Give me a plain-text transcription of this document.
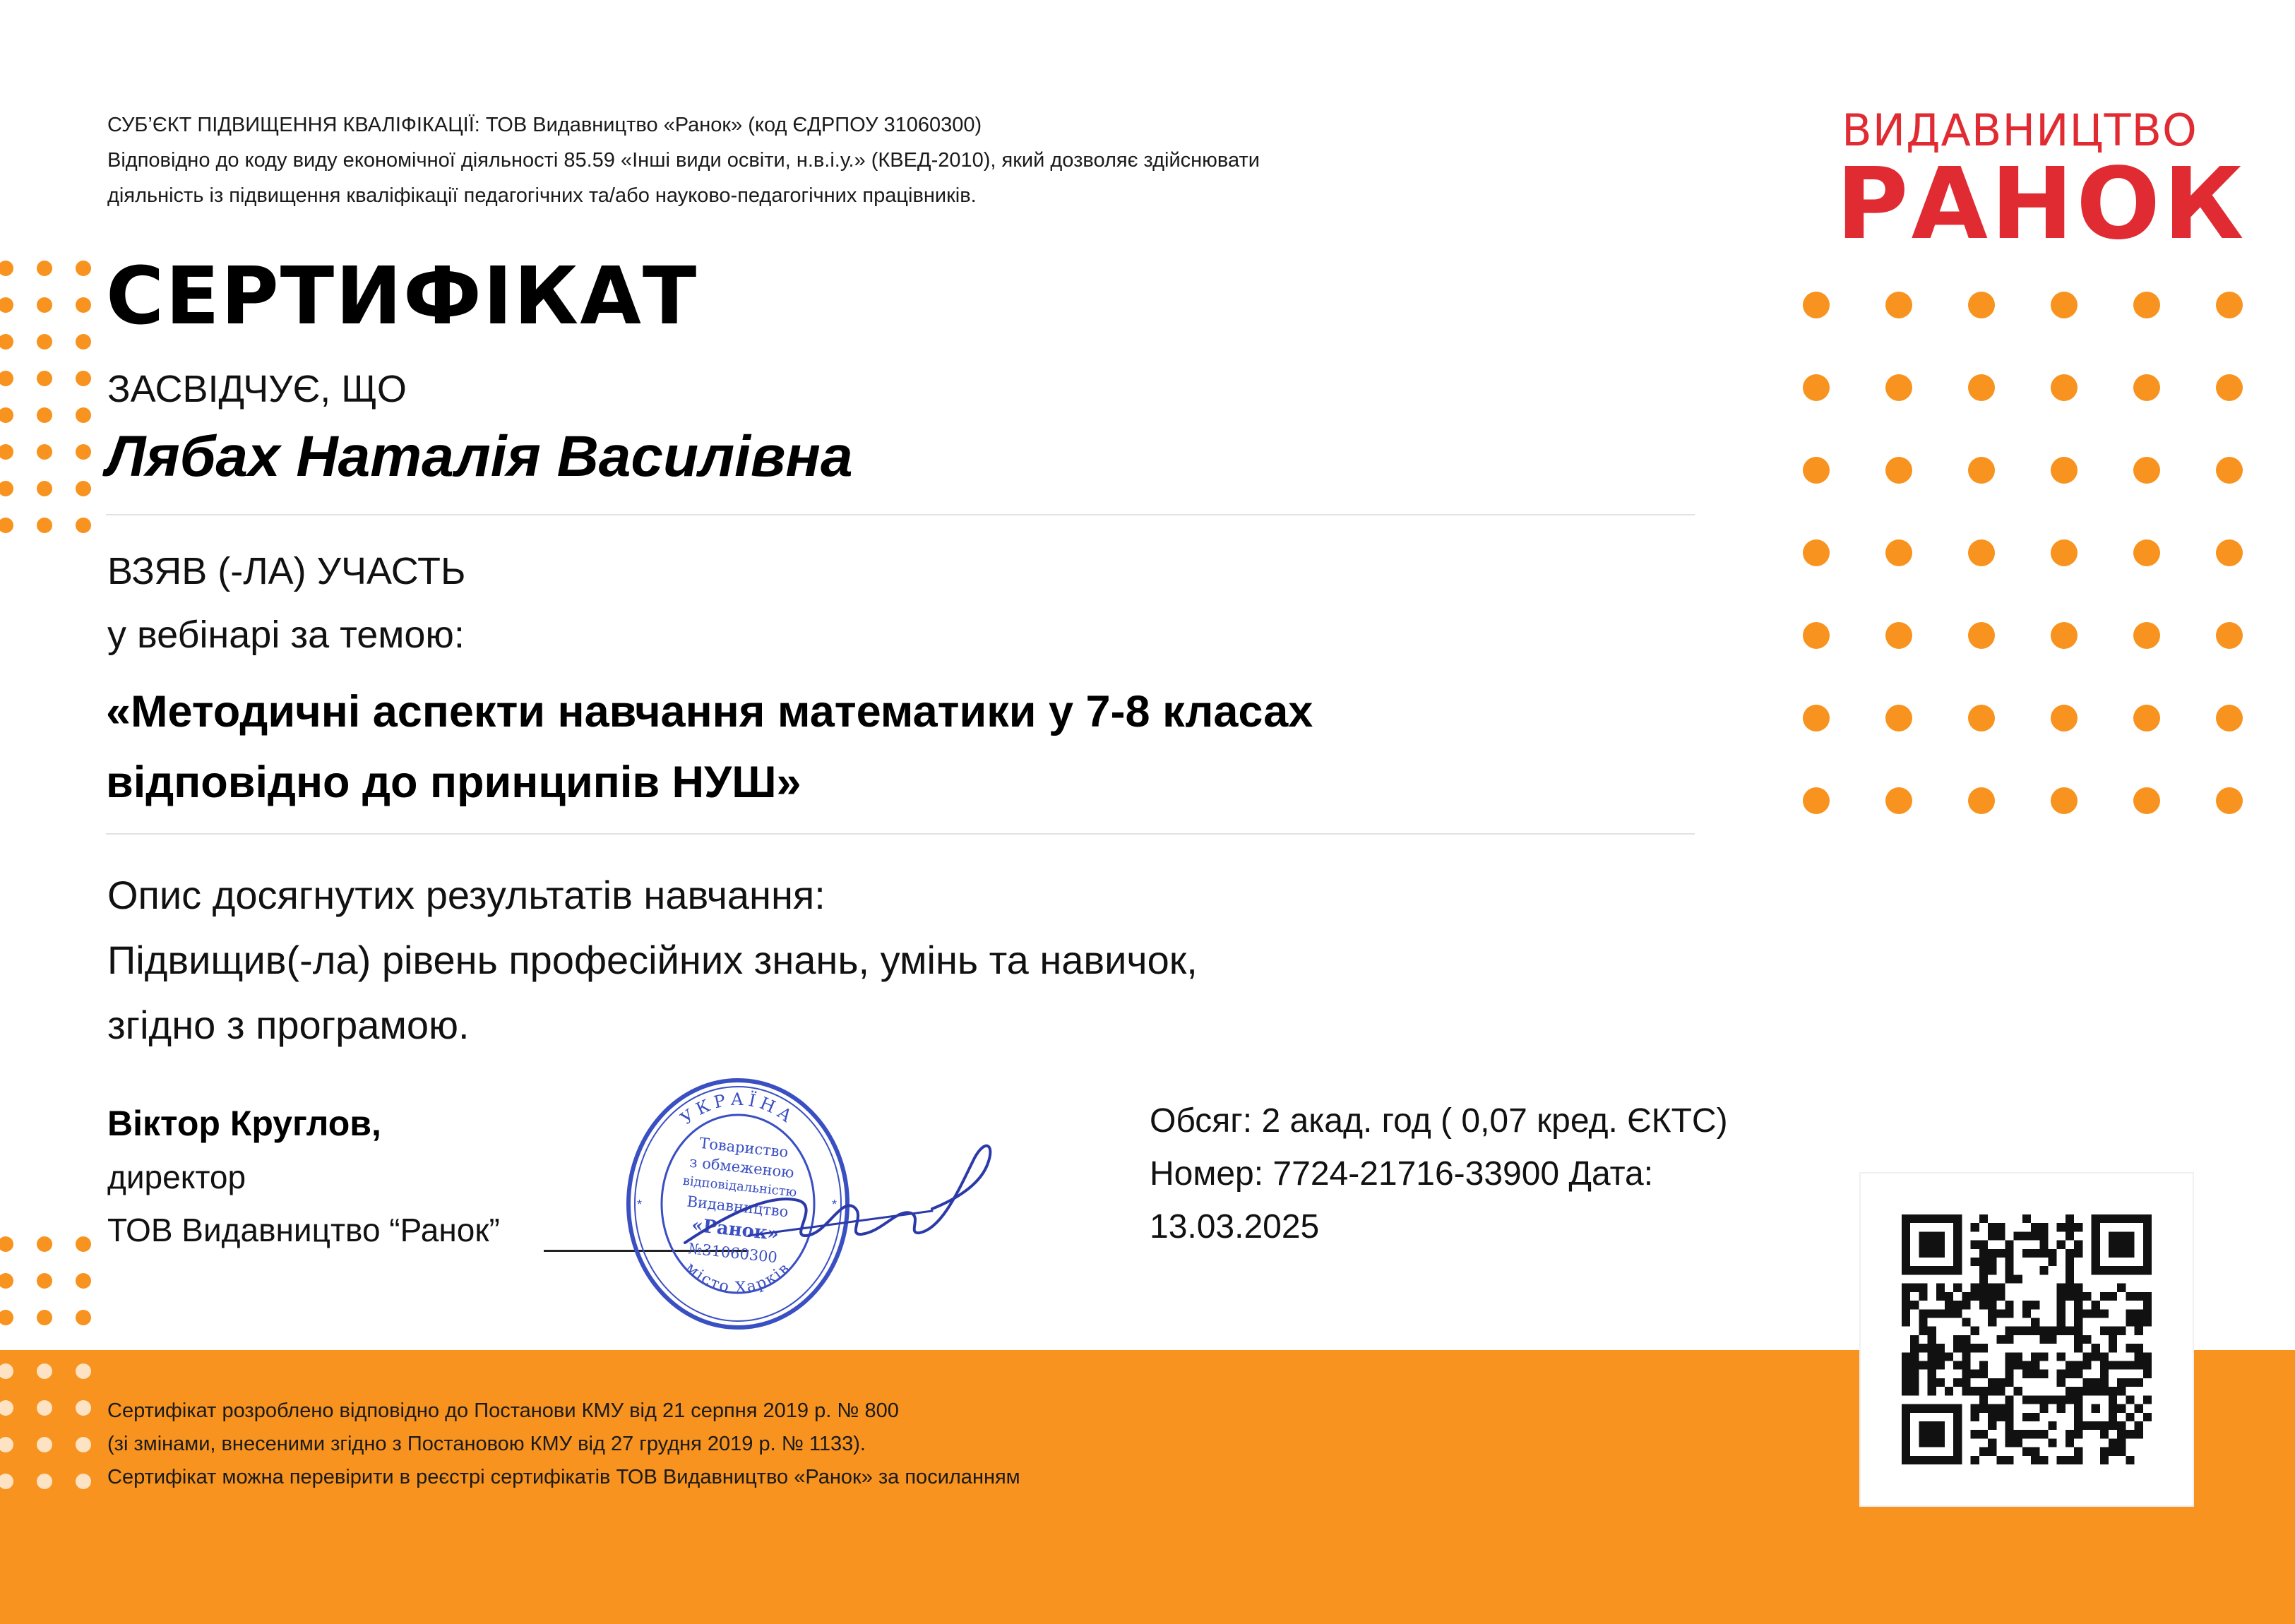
СУБ’ЄКТ ПІДВИЩЕННЯ КВАЛІФІКАЦІЇ: ТОВ Видавництво «Ранок» (код ЄДРПОУ 31060300)
Відповідно до коду виду економічної діяльності 85.59 «Інші види освіти, н.в.і.у.» (КВЕД-2010), який дозволяє здійснювати
діяльність із підвищення кваліфікації педагогічних та/або науково-педагогічних працівників.
ВИДАВНИЦТВО
РАНОК
СЕРТИФІКАТ
ЗАСВІДЧУЄ, ЩО
Лябах Наталія Василівна
ВЗЯВ (-ЛА) УЧАСТЬ
у вебінарі за темою:
«Методичні аспекти навчання математики у 7-8 класах
відповідно до принципів НУШ»
Опис досягнутих результатів навчання:
Підвищив(-ла) рівень професійних знань, умінь та навичок,
згідно з програмою.
Віктор Круглов,
директор
ТОВ Видавництво “Ранок”
УКРАЇНА
місто Харків
*	*
Товариство
з обмеженою
відповідальністю
Видавництво
«Ранок»
№31060300
Обсяг: 2 акад. год ( 0,07 кред. ЄКТС)
Номер: 7724-21716-33900 Дата:
13.03.2025
Сертифікат розроблено відповідно до Постанови КМУ від 21 серпня 2019 р. № 800
(зі змінами, внесеними згідно з Постановою КМУ від 27 грудня 2019 р. № 1133).
Сертифікат можна перевірити в реєстрі сертифікатів ТОВ Видавництво «Ранок» за посиланням
